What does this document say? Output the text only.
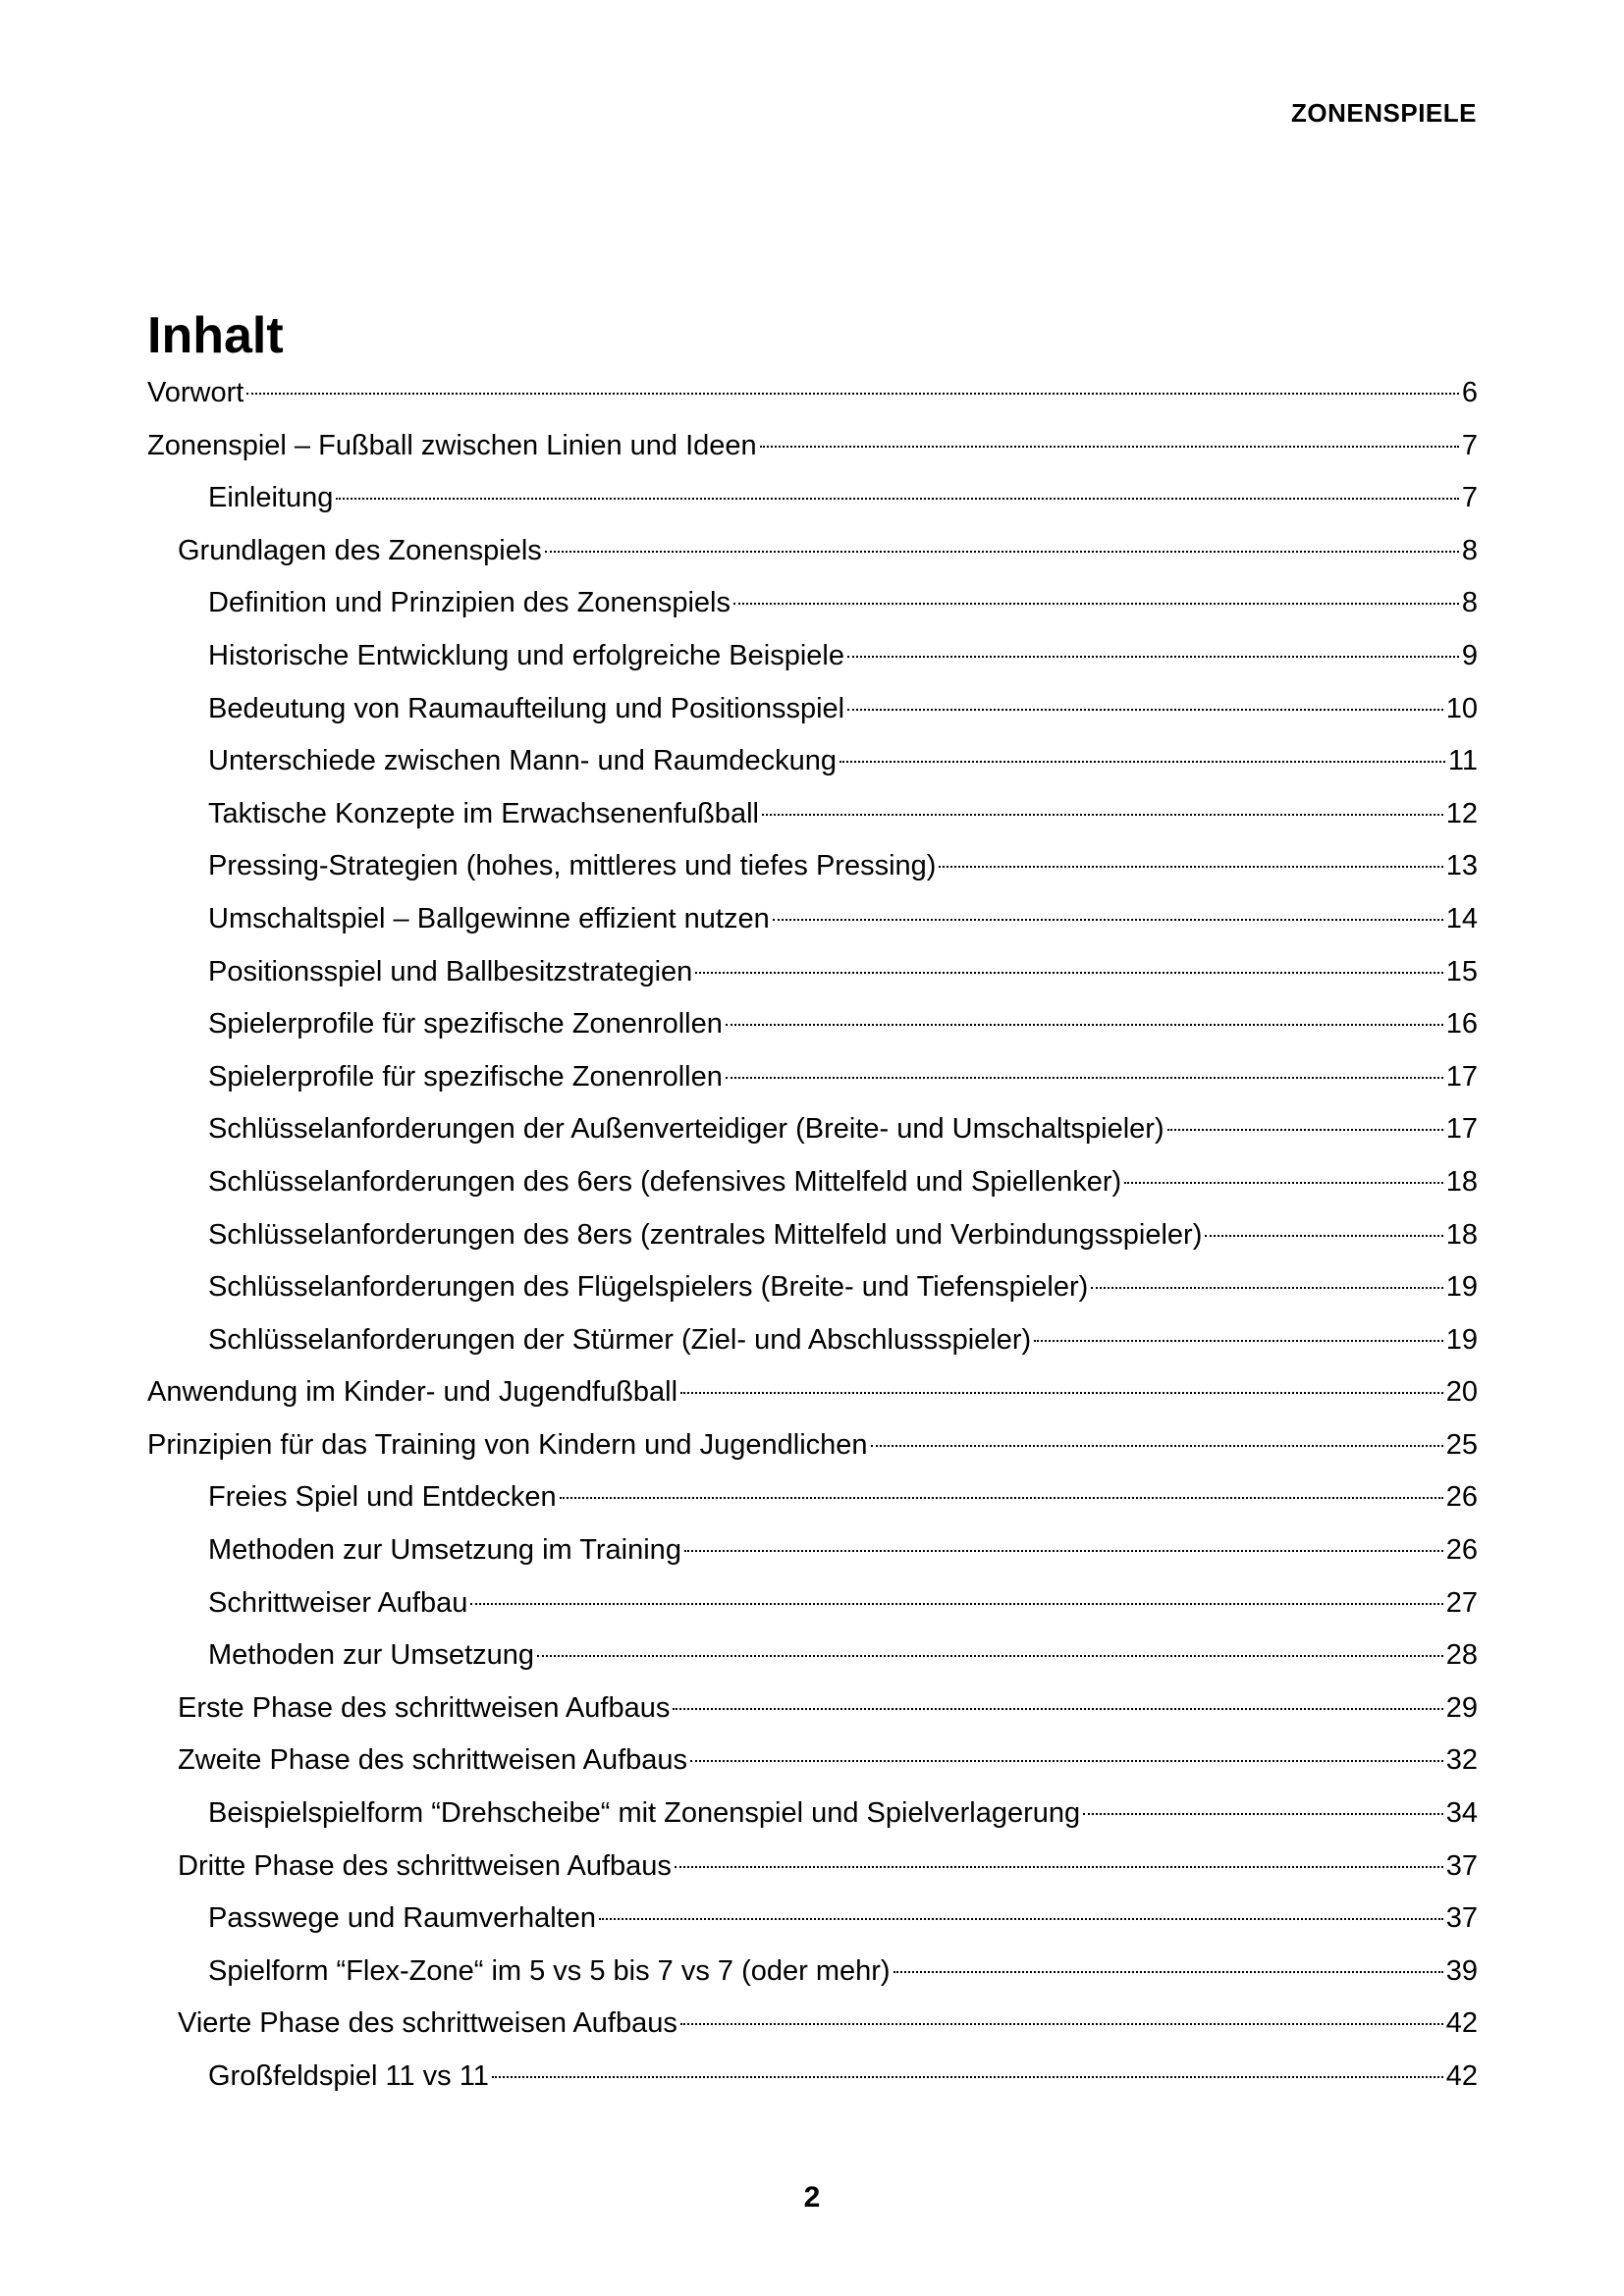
ZONENSPIELE
Inhalt
Vorwort	6
Zonenspiel – Fußball zwischen Linien und Ideen	7
Einleitung	7
Grundlagen des Zonenspiels	8
Definition und Prinzipien des Zonenspiels	8
Historische Entwicklung und erfolgreiche Beispiele	9
Bedeutung von Raumaufteilung und Positionsspiel	10
Unterschiede zwischen Mann- und Raumdeckung	11
Taktische Konzepte im Erwachsenenfußball	12
Pressing-Strategien (hohes, mittleres und tiefes Pressing)	13
Umschaltspiel – Ballgewinne effizient nutzen	14
Positionsspiel und Ballbesitzstrategien	15
Spielerprofile für spezifische Zonenrollen	16
Spielerprofile für spezifische Zonenrollen	17
Schlüsselanforderungen der Außenverteidiger (Breite- und Umschaltspieler)	17
Schlüsselanforderungen des 6ers (defensives Mittelfeld und Spiellenker)	18
Schlüsselanforderungen des 8ers (zentrales Mittelfeld und Verbindungsspieler)	18
Schlüsselanforderungen des Flügelspielers (Breite- und Tiefenspieler)	19
Schlüsselanforderungen der Stürmer (Ziel- und Abschlussspieler)	19
Anwendung im Kinder- und Jugendfußball	20
Prinzipien für das Training von Kindern und Jugendlichen	25
Freies Spiel und Entdecken	26
Methoden zur Umsetzung im Training	26
Schrittweiser Aufbau	27
Methoden zur Umsetzung	28
Erste Phase des schrittweisen Aufbaus	29
Zweite Phase des schrittweisen Aufbaus	32
Beispielspielform “Drehscheibe“ mit Zonenspiel und Spielverlagerung	34
Dritte Phase des schrittweisen Aufbaus	37
Passwege und Raumverhalten	37
Spielform “Flex-Zone“ im 5 vs 5 bis 7 vs 7 (oder mehr)	39
Vierte Phase des schrittweisen Aufbaus	42
Großfeldspiel 11 vs 11	42
2
